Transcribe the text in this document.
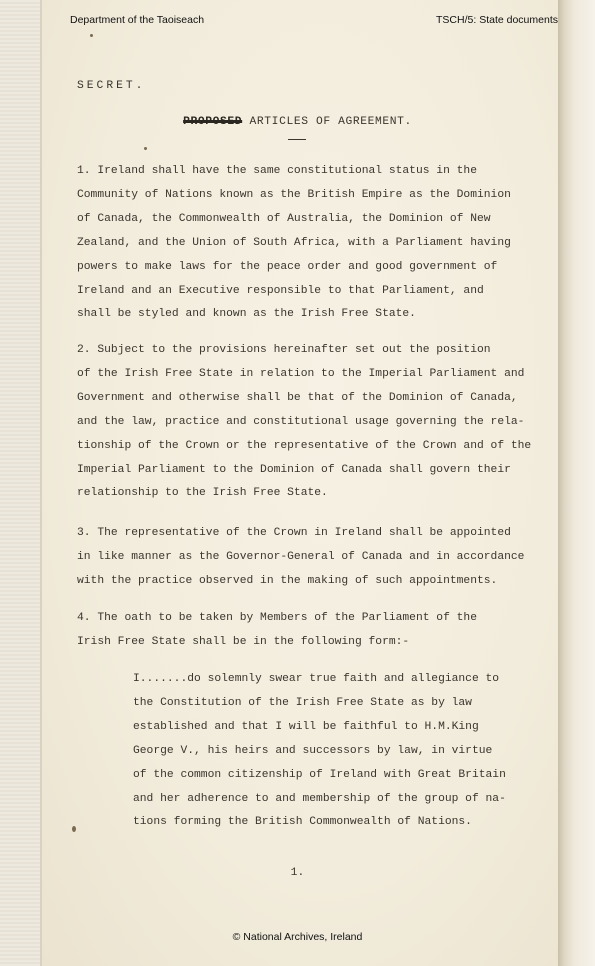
Department of the Taoiseach	TSCH/5: State documents
SECRET.
PROPOSED ARTICLES OF AGREEMENT.
1. Ireland shall have the same constitutional status in the
Community of Nations known as the British Empire as the Dominion
of Canada, the Commonwealth of Australia, the Dominion of New
Zealand, and the Union of South Africa, with a Parliament having
powers to make laws for the peace order and good government of
Ireland and an Executive responsible to that Parliament, and
shall be styled and known as the Irish Free State.
2. Subject to the provisions hereinafter set out the position
of the Irish Free State in relation to the Imperial Parliament and
Government and otherwise shall be that of the Dominion of Canada,
and the law, practice and constitutional usage governing the rela-
tionship of the Crown or the representative of the Crown and of the
Imperial Parliament to the Dominion of Canada shall govern their
relationship to the Irish Free State.
3. The representative of the Crown in Ireland shall be appointed
in like manner as the Governor-General of Canada and in accordance
with the practice observed in the making of such appointments.
4. The oath to be taken by Members of the Parliament of the
Irish Free State shall be in the following form:-
I.......do solemnly swear true faith and allegiance to
the Constitution of the Irish Free State as by law
established and that I will be faithful to H.M.King
George V., his heirs and successors by law, in virtue
of the common citizenship of Ireland with Great Britain
and her adherence to and membership of the group of na-
tions forming the British Commonwealth of Nations.
1.
© National Archives, Ireland
